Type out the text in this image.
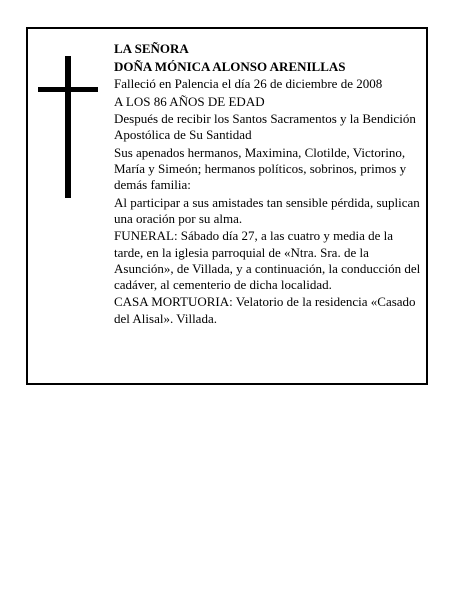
LA SEÑORA

DOÑA MÓNICA ALONSO ARENILLAS

Falleció en Palencia el día 26 de diciembre de 2008

A LOS 86 AÑOS DE EDAD

Después de recibir los Santos Sacramentos y la Bendición Apostólica de Su Santidad

Sus apenados hermanos, Maximina, Clotilde, Victorino, María y Simeón; hermanos políticos, sobrinos, primos y demás familia:

Al participar a sus amistades tan sensible pérdida, suplican una oración por su alma.

FUNERAL: Sábado día 27, a las cuatro y media de la tarde, en la iglesia parroquial de «Ntra. Sra. de la Asunción», de Villada, y a continuación, la conducción del cadáver, al cementerio de dicha localidad.

CASA MORTUORIA: Velatorio de la residencia «Casado del Alisal». Villada.
